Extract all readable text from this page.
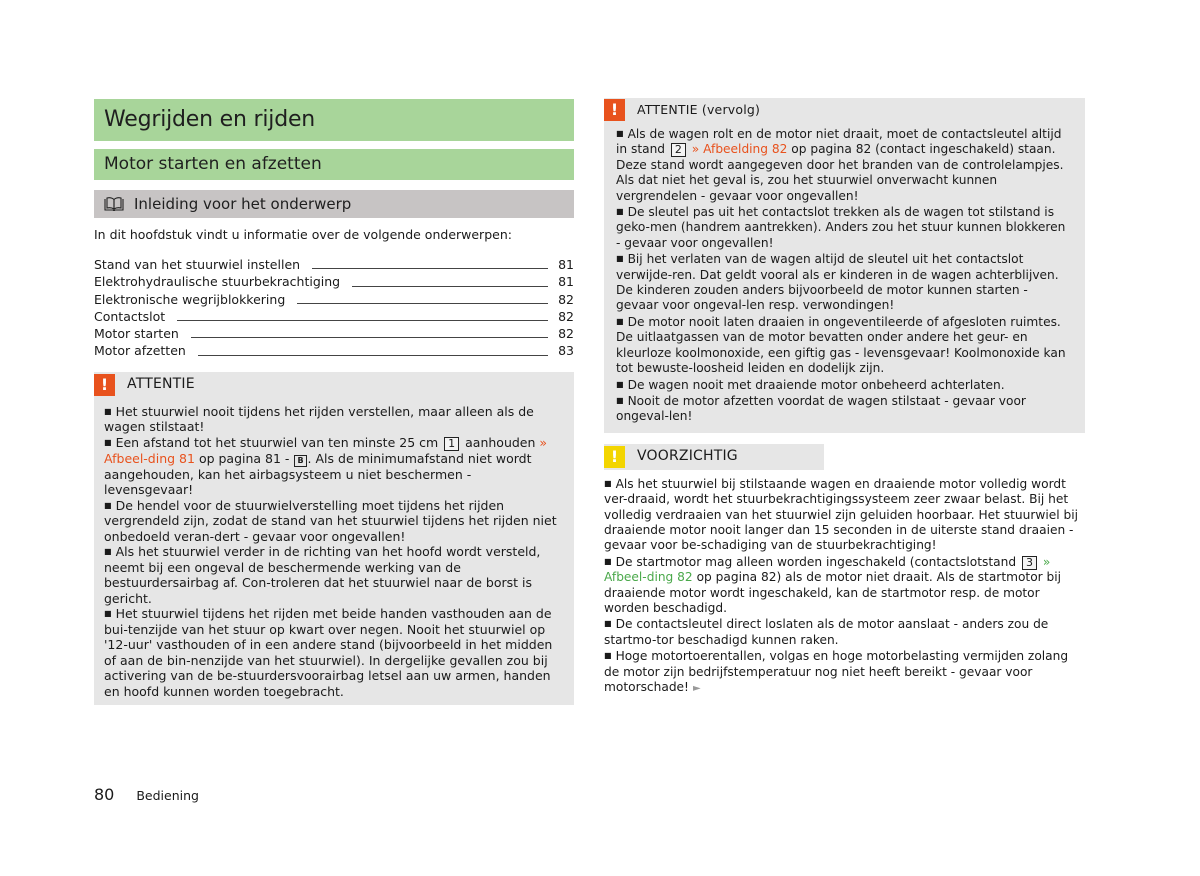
Wegrijden en rijden
Motor starten en afzetten
Inleiding voor het onderwerp
In dit hoofdstuk vindt u informatie over de volgende onderwerpen:
Stand van het stuurwiel instellen	81
Elektrohydraulische stuurbekrachtiging	81
Elektronische wegrijblokkering	82
Contactslot	82
Motor starten	82
Motor afzetten	83
!	ATTENTIE

■ Het stuurwiel nooit tijdens het rijden verstellen, maar alleen als de wagen stilstaat!

■ Een afstand tot het stuurwiel van ten minste 25 cm 1 aanhouden » Afbeel-ding 81 op pagina 81 - B . Als de minimumafstand niet wordt aangehouden, kan het airbagsysteem u niet beschermen - levensgevaar!

■ De hendel voor de stuurwielverstelling moet tijdens het rijden vergrendeld zijn, zodat de stand van het stuurwiel tijdens het rijden niet onbedoeld veran-dert - gevaar voor ongevallen!

■ Als het stuurwiel verder in de richting van het hoofd wordt versteld, neemt bij een ongeval de beschermende werking van de bestuurdersairbag af. Con-troleren dat het stuurwiel naar de borst is gericht.

■ Het stuurwiel tijdens het rijden met beide handen vasthouden aan de bui-tenzijde van het stuur op kwart over negen. Nooit het stuurwiel op '12-uur' vasthouden of in een andere stand (bijvoorbeeld in het midden of aan de bin-nenzijde van het stuurwiel). In dergelijke gevallen zou bij activering van de be-stuurdersvoorairbag letsel aan uw armen, handen en hoofd kunnen worden toegebracht.

!	ATTENTIE (vervolg)

■ Als de wagen rolt en de motor niet draait, moet de contactsleutel altijd in stand 2 » Afbeelding 82 op pagina 82 (contact ingeschakeld) staan. Deze stand wordt aangegeven door het branden van de controlelampjes. Als dat niet het geval is, zou het stuurwiel onverwacht kunnen vergrendelen - gevaar voor ongevallen!

■ De sleutel pas uit het contactslot trekken als de wagen tot stilstand is geko-men (handrem aantrekken). Anders zou het stuur kunnen blokkeren - gevaar voor ongevallen!

■ Bij het verlaten van de wagen altijd de sleutel uit het contactslot verwijde-ren. Dat geldt vooral als er kinderen in de wagen achterblijven. De kinderen zouden anders bijvoorbeeld de motor kunnen starten - gevaar voor ongeval-len resp. verwondingen!

■ De motor nooit laten draaien in ongeventileerde of afgesloten ruimtes. De uitlaatgassen van de motor bevatten onder andere het geur- en kleurloze koolmonoxide, een giftig gas - levensgevaar! Koolmonoxide kan tot bewuste-loosheid leiden en dodelijk zijn.

■ De wagen nooit met draaiende motor onbeheerd achterlaten.

■ Nooit de motor afzetten voordat de wagen stilstaat - gevaar voor ongeval-len!

!	VOORZICHTIG

■ Als het stuurwiel bij stilstaande wagen en draaiende motor volledig wordt ver-draaid, wordt het stuurbekrachtigingssysteem zeer zwaar belast. Bij het volledig verdraaien van het stuurwiel zijn geluiden hoorbaar. Het stuurwiel bij draaiende motor nooit langer dan 15 seconden in de uiterste stand draaien - gevaar voor be-schadiging van de stuurbekrachtiging!

■ De startmotor mag alleen worden ingeschakeld (contactslotstand 3 » Afbeel-ding 82 op pagina 82) als de motor niet draait. Als de startmotor bij draaiende motor wordt ingeschakeld, kan de startmotor resp. de motor worden beschadigd.

■ De contactsleutel direct loslaten als de motor aanslaat - anders zou de startmo-tor beschadigd kunnen raken.

■ Hoge motortoerentallen, volgas en hoge motorbelasting vermijden zolang de motor zijn bedrijfstemperatuur nog niet heeft bereikt - gevaar voor motorschade! ►

80 Bediening
